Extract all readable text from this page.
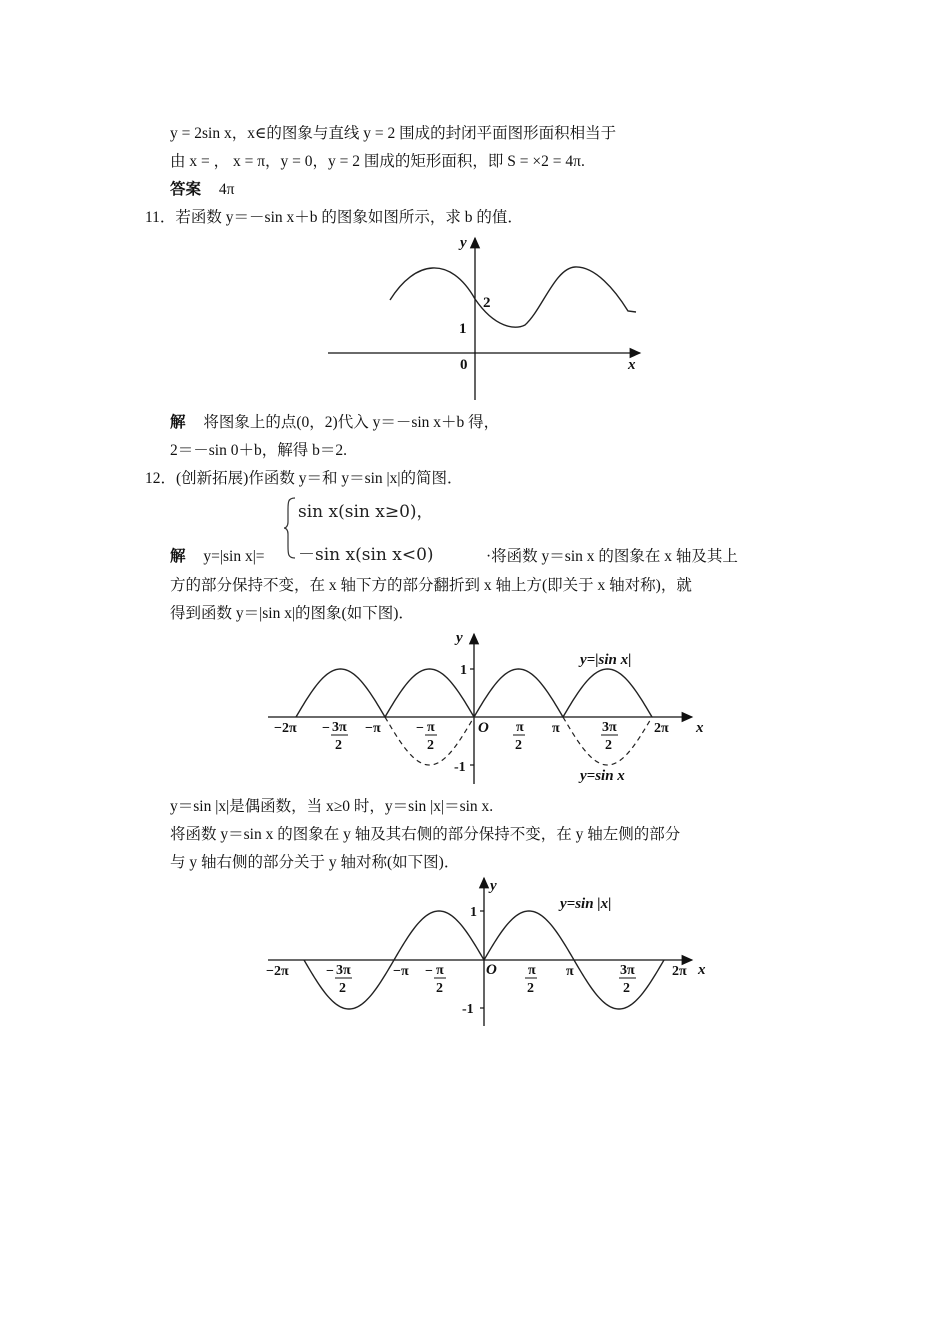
y = 2sin x，x∈的图象与直线 y = 2 围成的封闭平面图形面积相当于
由 x = ， x = π，y = 0，y = 2 围成的矩形面积，即 S = ×2 = 4π.
答案 4π
11．若函数 y＝－sin x＋b 的图象如图所示，求 b 的值．
y
x
0
1
2
解 将图象上的点(0，2)代入 y＝－sin x＋b 得，
2＝－sin 0＋b，解得 b＝2.
12．(创新拓展)作函数 y＝和 y＝sin |x|的简图．
sin x(sin x≥0)，
－sin x(sin x<0)
解 y=|sin x|=	·将函数 y＝sin x 的图象在 x 轴及其上
方的部分保持不变，在 x 轴下方的部分翻折到 x 轴上方(即关于 x 轴对称)，就
得到函数 y＝|sin x|的图象(如下图)．
y
x
O
1
-1
−2π − 3π
2
−π	− π
2
π
2
π	3π
2
2π
y=|sin x|
y=sin x
y＝sin |x|是偶函数，当 x≥0 时，y＝sin |x|＝sin x.
将函数 y＝sin x 的图象在 y 轴及其右侧的部分保持不变，在 y 轴左侧的部分
与 y 轴右侧的部分关于 y 轴对称(如下图)．
y
x
O
1
-1
−2π	− 3π
2
−π − π
2
π
2
π	3π
2
2π
y=sin |x|
